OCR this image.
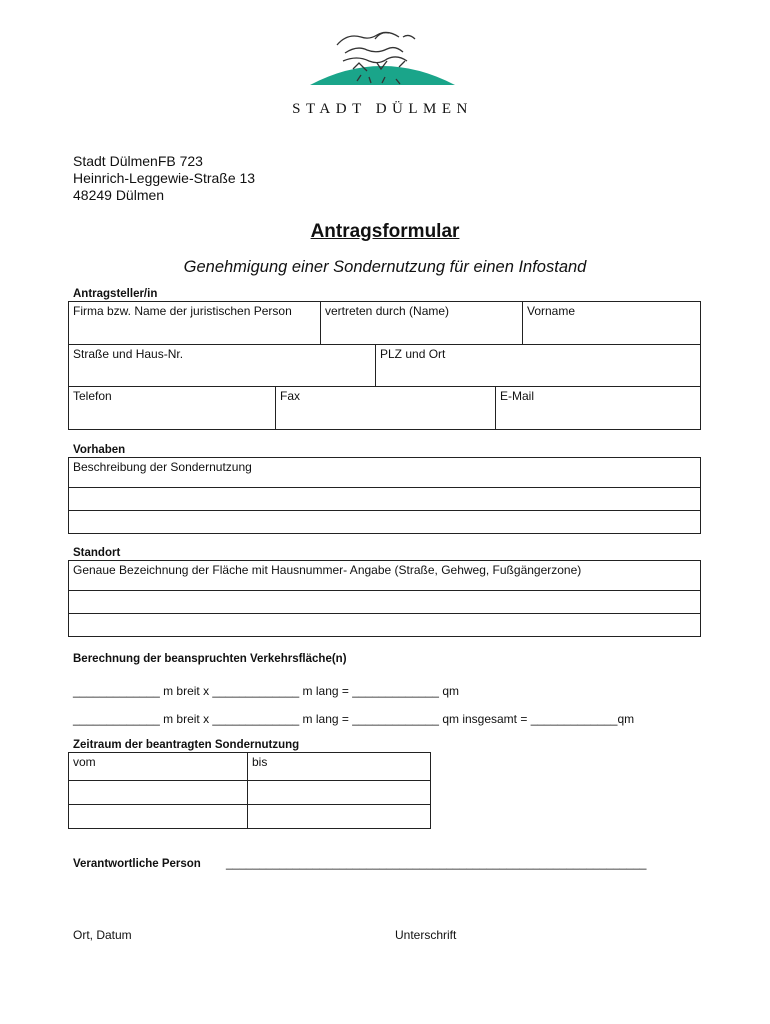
STADT DÜLMEN
Stadt DülmenFB 723
Heinrich-Leggewie-Straße 13
48249 Dülmen
Antragsformular
Genehmigung einer Sondernutzung für einen Infostand
Antragsteller/in
Firma bzw. Name der juristischen Person	vertreten durch (Name)	Vorname
Straße und Haus-Nr.	PLZ und Ort
Telefon	Fax	E-Mail
Vorhaben
Beschreibung der Sondernutzung
Standort
Genaue Bezeichnung der Fläche mit Hausnummer- Angabe (Straße, Gehweg, Fußgängerzone)
Berechnung der beanspruchten Verkehrsfläche(n)
_____________ m breit x _____________ m lang = _____________ qm
_____________ m breit x _____________ m lang = _____________ qm insgesamt = _____________qm
Zeitraum der beantragten Sondernutzung
vom	bis
Verantwortliche Person _______________________________________________________________
Ort, Datum	Unterschrift
